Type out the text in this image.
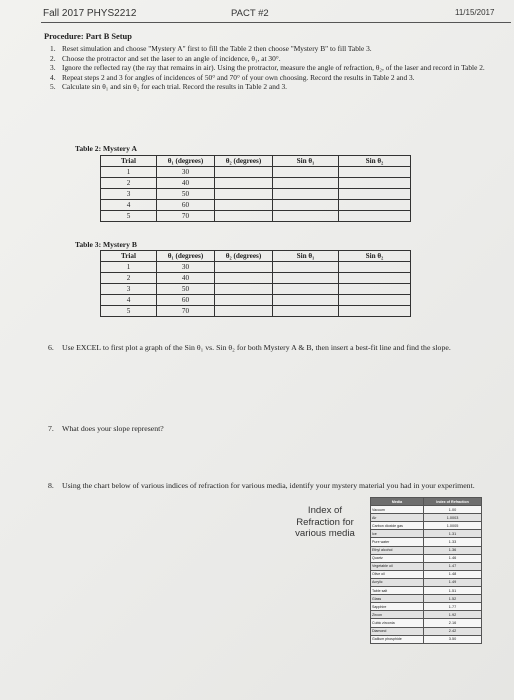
Fall 2017 PHYS2212	PACT #2	11/15/2017
Procedure: Part B Setup
1. Reset simulation and choose "Mystery A" first to fill the Table 2 then choose "Mystery B" to fill Table 3.
2. Choose the protractor and set the laser to an angle of incidence, θ₁, at 30°.
3. Ignore the reflected ray (the ray that remains in air). Using the protractor, measure the angle of refraction, θ₂, of the laser and record in Table 2.
4. Repeat steps 2 and 3 for angles of incidences of 50° and 70° of your own choosing. Record the results in Table 2 and 3.
5. Calculate sin θ₁ and sin θ₂ for each trial. Record the results in Table 2 and 3.
Table 2: Mystery A
Trial	θ₁ (degrees)	θ₂ (degrees)	Sin θ₁	Sin θ₂
1	30			
2	40			
3	50			
4	60			
5	70			
Table 3: Mystery B
Trial	θ₁ (degrees)	θ₂ (degrees)	Sin θ₁	Sin θ₂
1	30			
2	40			
3	50			
4	60			
5	70			
6.	Use EXCEL to first plot a graph of the Sin θ₁ vs. Sin θ₂ for both Mystery A & B, then insert a best-fit line and find the slope.
7.	What does your slope represent?
8.	Using the chart below of various indices of refraction for various media, identify your mystery material you had in your experiment.
Index of Refraction for various media
Media	Index of Refraction
Vacuum	1.00
Air	1.0003
Carbon dioxide gas	1.0005
Ice	1.31
Pure water	1.33
Ethyl alcohol	1.36
Quartz	1.46
Vegetable oil	1.47
Olive oil	1.48
Acrylic	1.49
Table salt	1.51
Glass	1.52
Sapphire	1.77
Zircon	1.92
Cubic zirconia	2.16
Diamond	2.42
Gallium phosphide	3.50
